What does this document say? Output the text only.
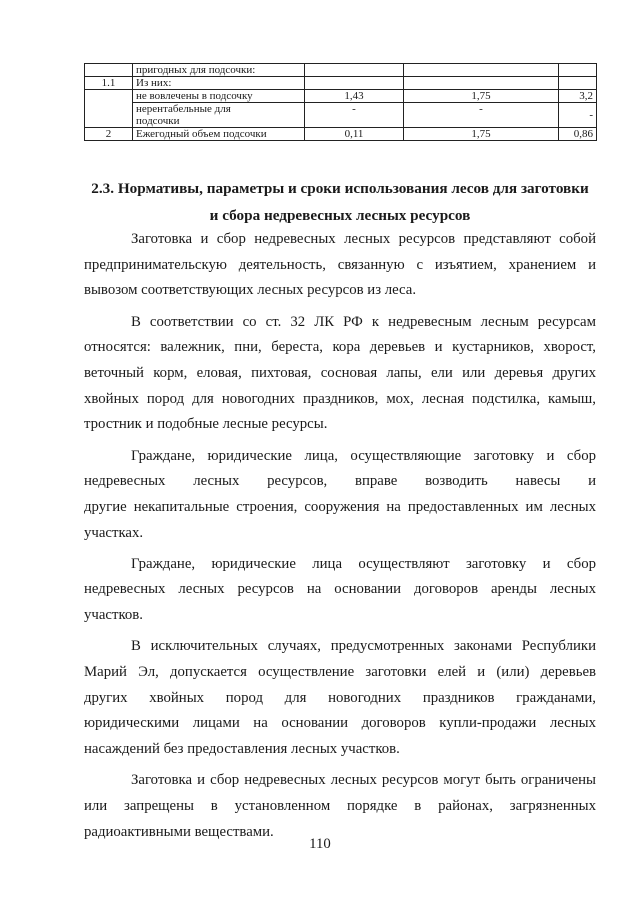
	пригодных для подсочки:			
1.1	Из них:			
	не вовлечены в подсочку	1,43	1,75	3,2

	нерентабельные для
подсочки	-	-	-
2	Ежегодный объем подсочки	0,11	1,75	0,86
2.3. Нормативы, параметры и сроки использования лесов для заготовки
и сбора недревесных лесных ресурсов
Заготовка и сбор недревесных лесных ресурсов представляют собой
предпринимательскую деятельность, связанную с изъятием, хранением и
вывозом соответствующих лесных ресурсов из леса.
В соответствии со ст. 32 ЛК РФ к недревесным лесным ресурсам
относятся: валежник, пни, береста, кора деревьев и кустарников, хворост,
веточный корм, еловая, пихтовая, сосновая лапы, ели или деревья других
хвойных пород для новогодних праздников, мох, лесная подстилка, камыш,
тростник и подобные лесные ресурсы.
Граждане, юридические лица, осуществляющие заготовку и сбор
недревесных лесных ресурсов, вправе возводить навесы и
другие некапитальные строения, сооружения на предоставленных им лесных
участках.
Граждане, юридические лица осуществляют заготовку и сбор
недревесных лесных ресурсов на основании договоров аренды лесных
участков.
В исключительных случаях, предусмотренных законами Республики
Марий Эл, допускается осуществление заготовки елей и (или) деревьев
других хвойных пород для новогодних праздников гражданами,
юридическими лицами на основании договоров купли-продажи лесных
насаждений без предоставления лесных участков.
Заготовка и сбор недревесных лесных ресурсов могут быть ограничены
или запрещены в установленном порядке в районах, загрязненных
радиоактивными веществами.
110
